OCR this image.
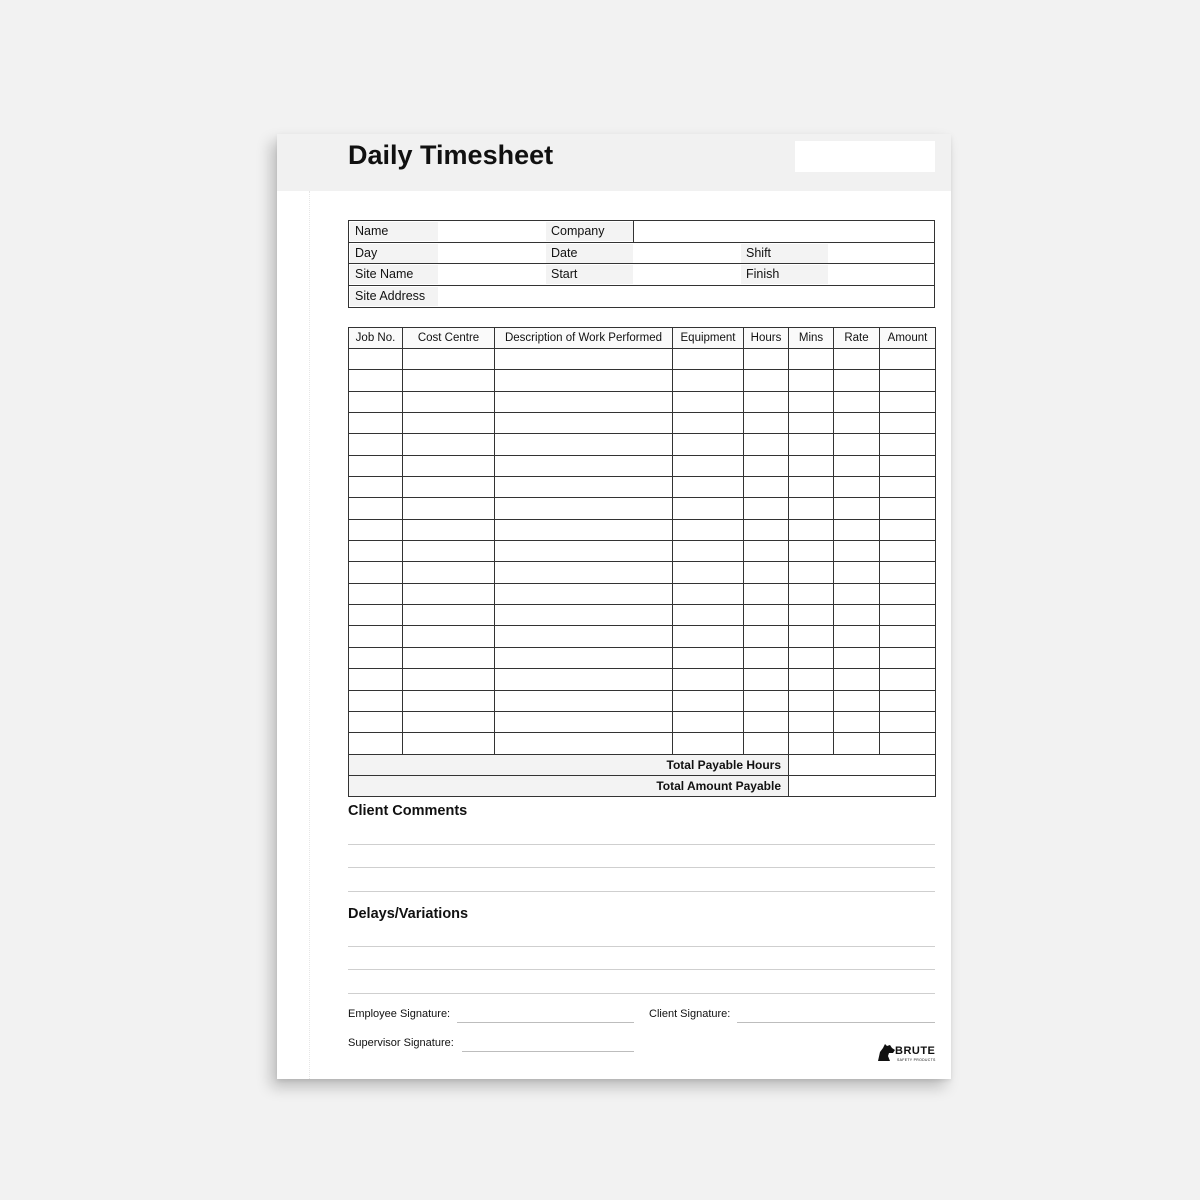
Daily Timesheet
Name	Company
Day	Date	Shift
Site Name	Start	Finish
Site Address
Job No.	Cost Centre	Description of Work Performed	Equipment	Hours	Mins	Rate	Amount

Total Payable Hours							
Total Amount Payable							
Client Comments
Delays/Variations
Employee Signature:	Client Signature:
Supervisor Signature:
BRUTE
SAFETY PRODUCTS
